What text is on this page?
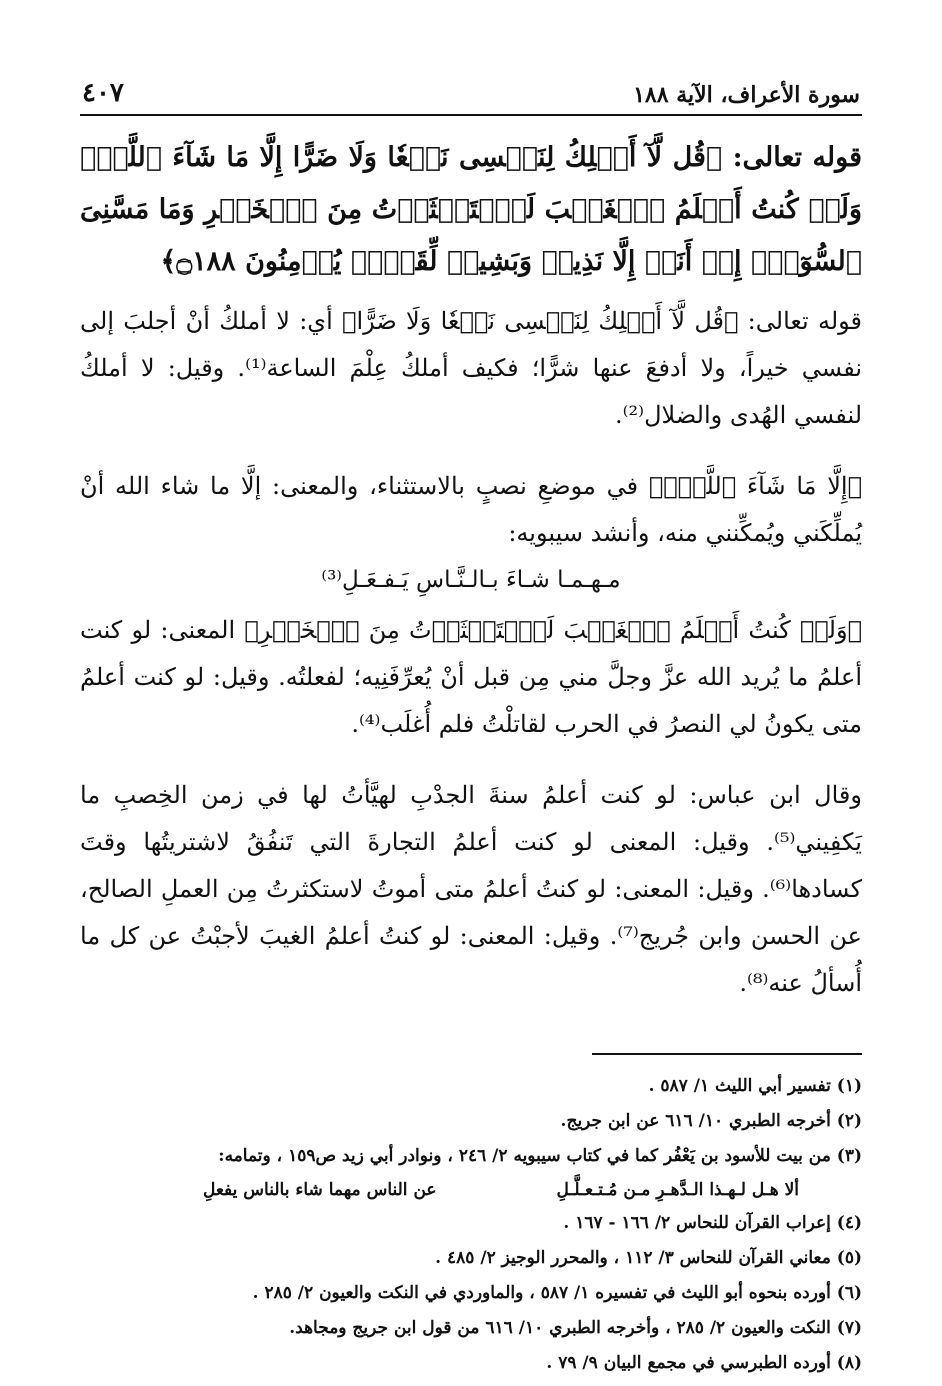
سورة الأعراف، الآية ١٨٨
٤٠٧
قوله تعالى: ﴿قُل لَّآ أَمۡلِكُ لِنَفۡسِى نَفۡعٗا وَلَا ضَرًّا إِلَّا مَا شَآءَ ٱللَّهُۚ وَلَوۡ كُنتُ أَعۡلَمُ ٱلۡغَيۡبَ لَٱسۡتَكۡثَرۡتُ مِنَ ٱلۡخَيۡرِ وَمَا مَسَّنِىَ ٱلسُّوٓءُۚ إِنۡ أَنَا۠ إِلَّا نَذِيرٞ وَبَشِيرٞ لِّقَوۡمٖ يُؤۡمِنُونَ ۝١٨٨﴾

قوله تعالى: ﴿قُل لَّآ أَمۡلِكُ لِنَفۡسِى نَفۡعٗا وَلَا ضَرًّا﴾ أي: لا أملكُ أنْ أجلبَ إلى نفسي خيراً، ولا أدفعَ عنها شرًّا؛ فكيف أملكُ عِلْمَ الساعة⁽¹⁾. وقيل: لا أملكُ لنفسي الهُدى والضلال⁽²⁾.

﴿إِلَّا مَا شَآءَ ٱللَّهُۚ﴾ في موضعِ نصبٍ بالاستثناء، والمعنى: إلَّا ما شاء الله أنْ يُملِّكَني ويُمكِّنني منه، وأنشد سيبويه:

مـهـمـا شـاءَ بـالـنَّـاسِ يَـفـعَـلِ⁽³⁾

﴿وَلَوۡ كُنتُ أَعۡلَمُ ٱلۡغَيۡبَ لَٱسۡتَكۡثَرۡتُ مِنَ ٱلۡخَيۡرِ﴾ المعنى: لو كنت أعلمُ ما يُريد الله عزَّ وجلَّ مني مِن قبل أنْ يُعرِّفَنِيه؛ لفعلتُه. وقيل: لو كنت أعلمُ متى يكونُ لي النصرُ في الحرب لقاتلْتُ فلم أُغلَب⁽⁴⁾.

وقال ابن عباس: لو كنت أعلمُ سنةَ الجدْبِ لهيَّأتُ لها في زمن الخِصبِ ما يَكفِيني⁽⁵⁾. وقيل: المعنى لو كنت أعلمُ التجارةَ التي تَنفُقُ لاشتريتُها وقتَ كسادها⁽⁶⁾. وقيل: المعنى: لو كنتُ أعلمُ متى أموتُ لاستكثرتُ مِن العملِ الصالح، عن الحسن وابن جُريج⁽⁷⁾. وقيل: المعنى: لو كنتُ أعلمُ الغيبَ لأجبْتُ عن كل ما أُسألُ عنه⁽⁸⁾.

(١) تفسير أبي الليث ١/ ٥٨٧ .

(٢) أخرجه الطبري ١٠/ ٦١٦ عن ابن جريج.

(٣) من بيت للأسود بن يَعْفُر كما في كتاب سيبويه ٢/ ٢٤٦ ، ونوادر أبي زيد ص١٥٩ ، وتمامه:

ألا هـل لـهـذا الـدَّهـرِ مـن مُـتـعـلَّـلِ
عن الناس مهما شاء بالناس يفعلِ

(٤) إعراب القرآن للنحاس ٢/ ١٦٦ - ١٦٧ .

(٥) معاني القرآن للنحاس ٣/ ١١٢ ، والمحرر الوجيز ٢/ ٤٨٥ .

(٦) أورده بنحوه أبو الليث في تفسيره ١/ ٥٨٧ ، والماوردي في النكت والعيون ٢/ ٢٨٥ .

(٧) النكت والعيون ٢/ ٢٨٥ ، وأخرجه الطبري ١٠/ ٦١٦ من قول ابن جريج ومجاهد.

(٨) أورده الطبرسي في مجمع البيان ٩/ ٧٩ .
